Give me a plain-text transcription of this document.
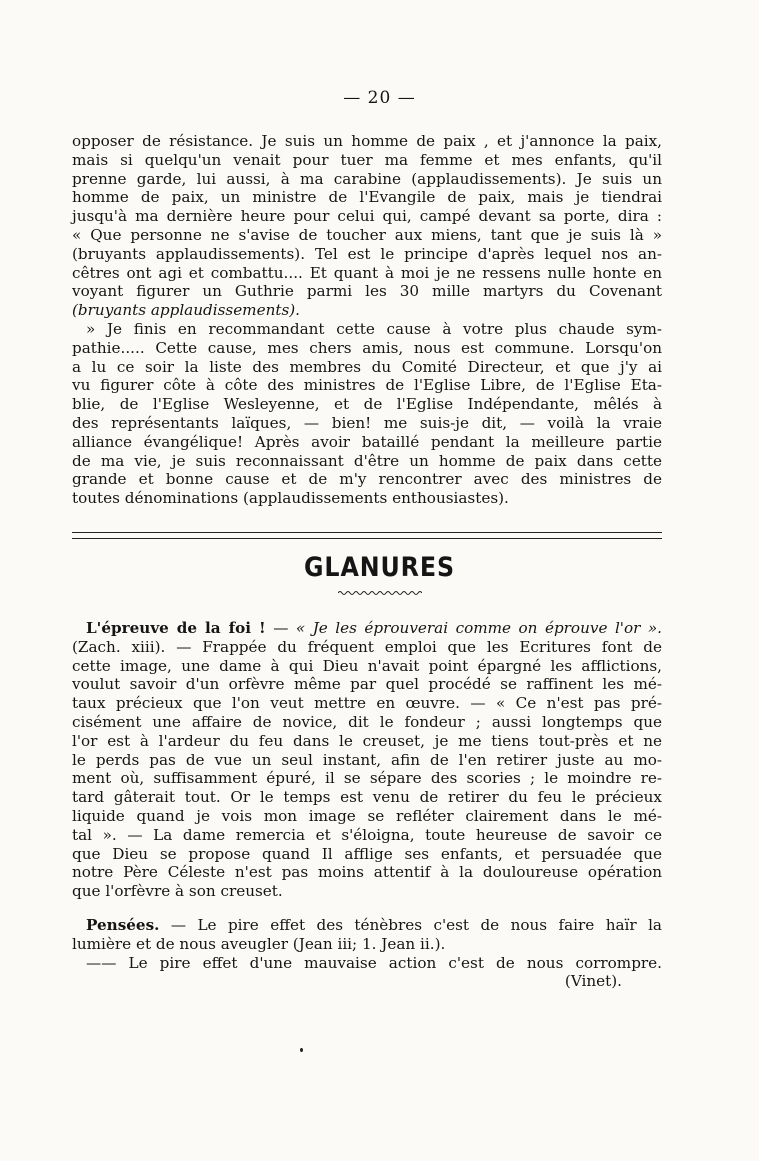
— 20 —
opposer de résistance. Je suis un homme de paix , et j'annonce la paix,
mais si quelqu'un venait pour tuer ma femme et mes enfants, qu'il
prenne garde, lui aussi, à ma carabine (applaudissements). Je suis un
homme de paix, un ministre de l'Evangile de paix, mais je tiendrai
jusqu'à ma dernière heure pour celui qui, campé devant sa porte, dira :
« Que personne ne s'avise de toucher aux miens, tant que je suis là »
(bruyants applaudissements). Tel est le principe d'après lequel nos an-
cêtres ont agi et combattu.... Et quant à moi je ne ressens nulle honte en
voyant figurer un Guthrie parmi les 30 mille martyrs du Covenant
(bruyants applaudissements).
» Je finis en recommandant cette cause à votre plus chaude sym-
pathie..... Cette cause, mes chers amis, nous est commune. Lorsqu'on
a lu ce soir la liste des membres du Comité Directeur, et que j'y ai
vu figurer côte à côte des ministres de l'Eglise Libre, de l'Eglise Eta-
blie, de l'Eglise Wesleyenne, et de l'Eglise Indépendante, mêlés à
des représentants laïques, — bien! me suis-je dit, — voilà la vraie
alliance évangélique! Après avoir bataillé pendant la meilleure partie
de ma vie, je suis reconnaissant d'être un homme de paix dans cette
grande et bonne cause et de m'y rencontrer avec des ministres de
toutes dénominations (applaudissements enthousiastes).
GLANURES
L'épreuve de la foi ! — « Je les éprouverai comme on éprouve l'or ».
(Zach. xiii). — Frappée du fréquent emploi que les Ecritures font de
cette image, une dame à qui Dieu n'avait point épargné les afflictions,
voulut savoir d'un orfèvre même par quel procédé se raffinent les mé-
taux précieux que l'on veut mettre en œuvre. — « Ce n'est pas pré-
cisément une affaire de novice, dit le fondeur ; aussi longtemps que
l'or est à l'ardeur du feu dans le creuset, je me tiens tout-près et ne
le perds pas de vue un seul instant, afin de l'en retirer juste au mo-
ment où, suffisamment épuré, il se sépare des scories ; le moindre re-
tard gâterait tout. Or le temps est venu de retirer du feu le précieux
liquide quand je vois mon image se refléter clairement dans le mé-
tal ». — La dame remercia et s'éloigna, toute heureuse de savoir ce
que Dieu se propose quand Il afflige ses enfants, et persuadée que
notre Père Céleste n'est pas moins attentif à la douloureuse opération
que l'orfèvre à son creuset.
Pensées. — Le pire effet des ténèbres c'est de nous faire haïr la
lumière et de nous aveugler (Jean iii; 1. Jean ii.).
—— Le pire effet d'une mauvaise action c'est de nous corrompre.
(Vinet).
